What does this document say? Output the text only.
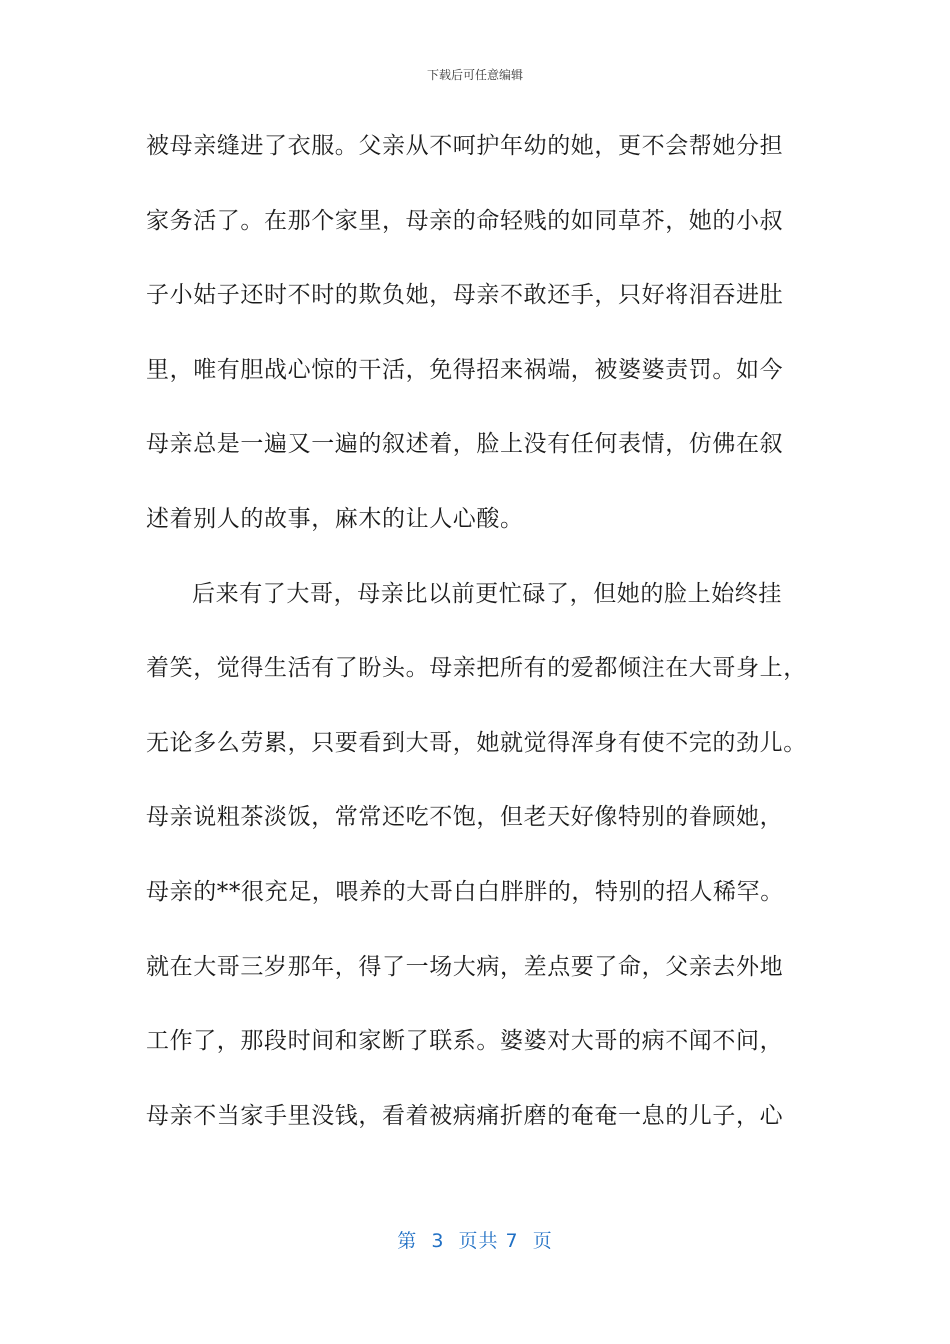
下载后可任意编辑
被母亲缝进了衣服。父亲从不呵护年幼的她，更不会帮她分担
家务活了。在那个家里，母亲的命轻贱的如同草芥，她的小叔
子小姑子还时不时的欺负她，母亲不敢还手，只好将泪吞进肚
里，唯有胆战心惊的干活，免得招来祸端，被婆婆责罚。如今
母亲总是一遍又一遍的叙述着，脸上没有任何表情，仿佛在叙
述着别人的故事，麻木的让人心酸。
后来有了大哥，母亲比以前更忙碌了，但她的脸上始终挂
着笑，觉得生活有了盼头。母亲把所有的爱都倾注在大哥身上，
无论多么劳累，只要看到大哥，她就觉得浑身有使不完的劲儿。
母亲说粗茶淡饭，常常还吃不饱，但老天好像特别的眷顾她，
母亲的**很充足，喂养的大哥白白胖胖的，特别的招人稀罕。
就在大哥三岁那年，得了一场大病，差点要了命，父亲去外地
工作了，那段时间和家断了联系。婆婆对大哥的病不闻不问，
母亲不当家手里没钱，看着被病痛折磨的奄奄一息的儿子，心
第  3  页共 7  页
